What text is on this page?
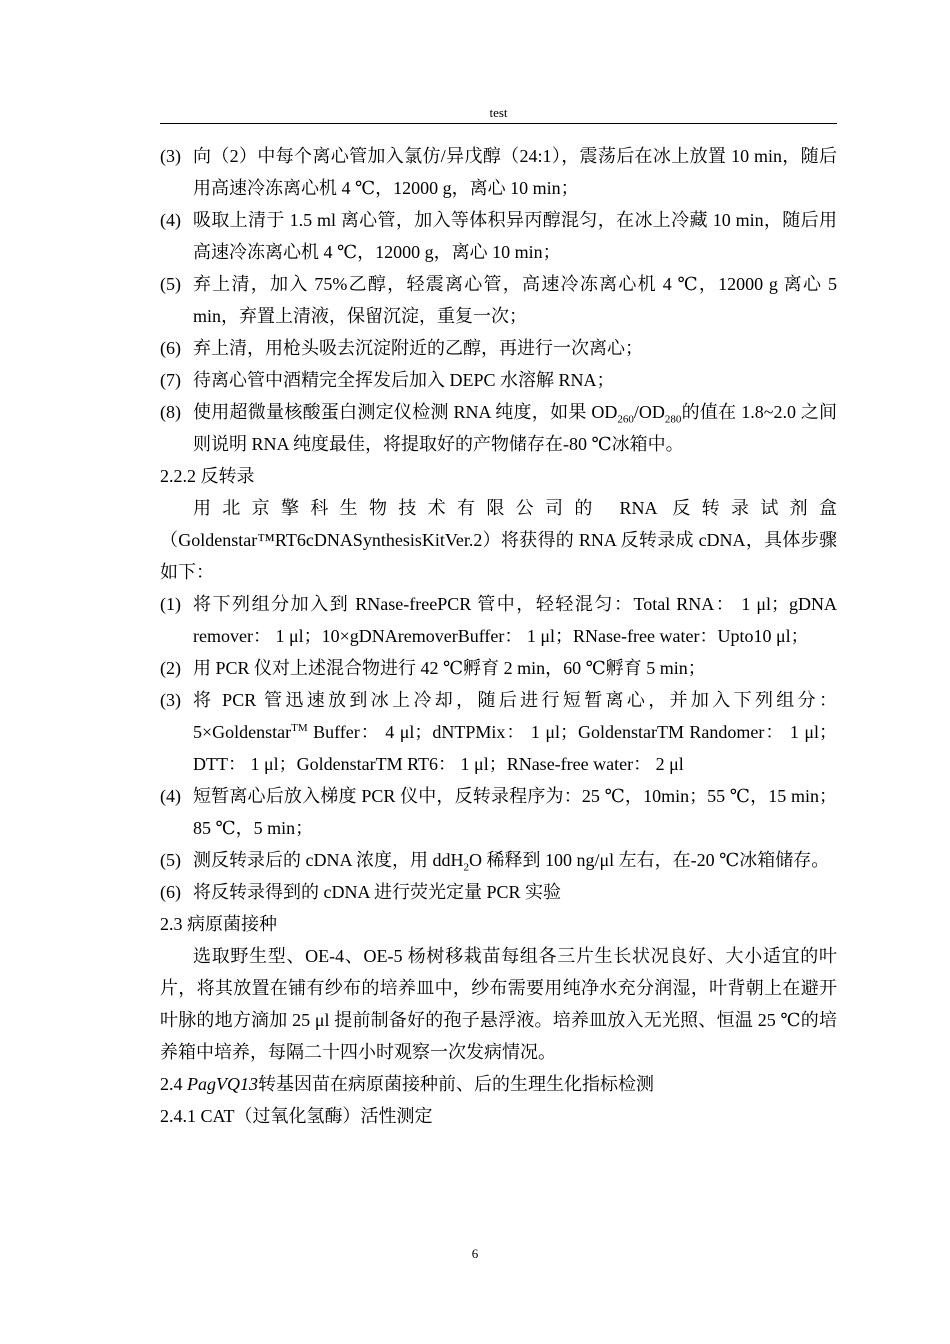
test
(3) 向（2）中每个离心管加入氯仿/异戊醇（24:1），震荡后在冰上放置 10 min，随后用高速冷冻离心机 4 ℃，12000 g，离心 10 min；
(4) 吸取上清于 1.5 ml 离心管，加入等体积异丙醇混匀，在冰上冷藏 10 min，随后用高速冷冻离心机 4 ℃，12000 g，离心 10 min；
(5) 弃上清，加入 75%乙醇，轻震离心管，高速冷冻离心机 4 ℃，12000 g 离心 5 min，弃置上清液，保留沉淀，重复一次；
(6) 弃上清，用枪头吸去沉淀附近的乙醇，再进行一次离心；
(7) 待离心管中酒精完全挥发后加入 DEPC 水溶解 RNA；
(8) 使用超微量核酸蛋白测定仪检测 RNA 纯度，如果 $OD_{260}/OD_{280}$的值在 1.8~2.0 之间则说明 RNA 纯度最佳，将提取好的产物储存在-80 ℃冰箱中。
2.2.2 反转录
用北京擎科生物技术有限公司的 RNA 反转录试剂盒（Goldenstar™RT6cDNASynthesisKitVer.2）将获得的 RNA 反转录成 cDNA，具体步骤如下：
(1) 将下列组分加入到 RNase-freePCR 管中，轻轻混匀：Total RNA： 1 μl；gDNA remover： 1 μl；10×gDNAremoverBuffer： 1 μl；RNase-free water：Upto10 μl；
(2) 用 PCR 仪对上述混合物进行 42 ℃孵育 2 min，60 ℃孵育 5 min；
(3) 将 PCR 管迅速放到冰上冷却，随后进行短暂离心，并加入下列组分：5×Goldenstar™ Buffer： 4 μl；dNTPMix： 1 μl；GoldenstarTM Randomer： 1 μl；DTT： 1 μl；GoldenstarTM RT6： 1 μl；RNase-free water： 2 μl
(4) 短暂离心后放入梯度 PCR 仪中，反转录程序为：25 ℃，10min；55 ℃，15 min；85 ℃，5 min；
(5) 测反转录后的 cDNA 浓度，用 ddH$_2$O 稀释到 100 ng/μl 左右，在-20 ℃冰箱储存。
(6) 将反转录得到的 cDNA 进行荧光定量 PCR 实验
2.3 病原菌接种
选取野生型、OE-4、OE-5 杨树移栽苗每组各三片生长状况良好、大小适宜的叶片，将其放置在铺有纱布的培养皿中，纱布需要用纯净水充分润湿，叶背朝上在避开叶脉的地方滴加 25 μl 提前制备好的孢子悬浮液。培养皿放入无光照、恒温 25 ℃的培养箱中培养，每隔二十四小时观察一次发病情况。
2.4 PagVQ13转基因苗在病原菌接种前、后的生理生化指标检测
2.4.1 CAT（过氧化氢酶）活性测定
6
